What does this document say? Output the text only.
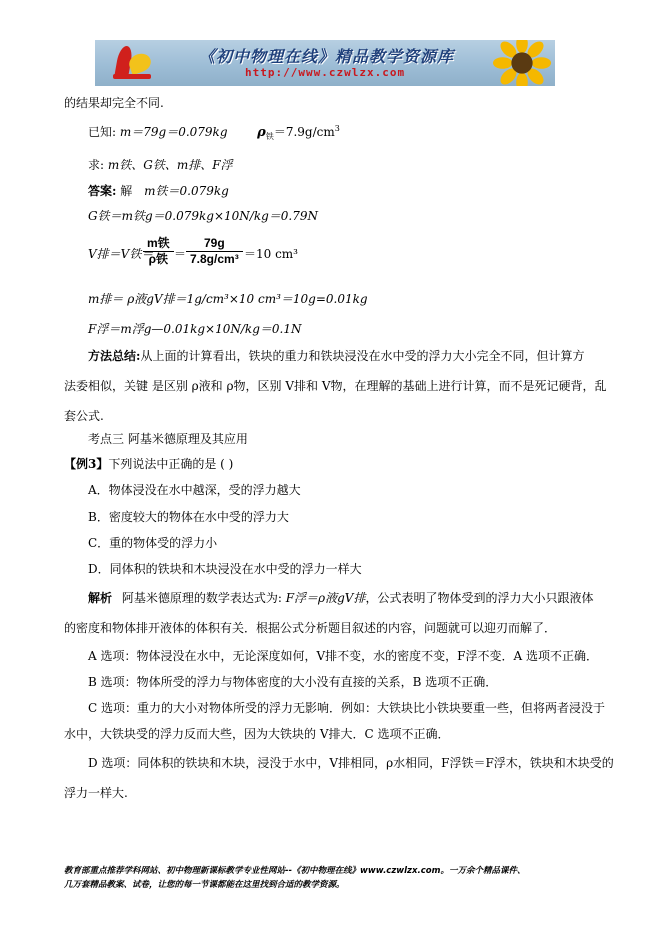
《初中物理在线》精品教学资源库
http://www.czwlzx.com
的结果却完全不同.
已知: m＝79g＝0.079kg $\rho_铁=7.9g/cm^3$
求: m铁、G铁、m排、F浮
答案: 解 m铁＝0.079kg
G铁＝m铁g＝0.079kg×10N/kg＝0.79N
V排＝V铁＝
m铁
ρ铁 ＝
79g
7.8g/cm³ ＝10 cm³
m排＝ ρ液gV排＝1g/cm³×10 cm³＝10g=0.01kg
F浮＝m浮g—0.01kg×10N/kg＝0.1N
方法总结:从上面的计算看出，铁块的重力和铁块浸没在水中受的浮力大小完全不同，但计算方
法委相似，关键 是区别 ρ液和 ρ物，区别 V排和 V物，在理解的基础上进行计算，而不是死记硬背，乱
套公式.
考点三 阿基米德原理及其应用
【例3】下列说法中正确的是 ( )
A．物体浸没在水中越深，受的浮力越大
B．密度较大的物体在水中受的浮力大
C．重的物体受的浮力小
D．同体积的铁块和木块浸没在水中受的浮力一样大
解析 阿基米德原理的数学表达式为: F浮＝ρ液gV排，公式表明了物体受到的浮力大小只跟液体
的密度和物体排开液体的体积有关．根据公式分析题目叙述的内容，问题就可以迎刃而解了．
A 选项：物体浸没在水中，无论深度如何，V排不变，水的密度不变，F浮不变．A 选项不正确．
B 选项：物体所受的浮力与物体密度的大小没有直接的关系，B 选项不正确．
C 选项：重力的大小对物体所受的浮力无影响．例如：大铁块比小铁块要重一些，但将两者浸没于
水中，大铁块受的浮力反而大些，因为大铁块的 V排大．C 选项不正确．
D 选项：同体积的铁块和木块，浸没于水中，V排相同，ρ水相同，F浮铁＝F浮木，铁块和木块受的
浮力一样大.
教育部重点推荐学科网站、初中物理新课标教学专业性网站--《初中物理在线》www.czwlzx.com。一万余个精品课件、
几万套精品教案、试卷，让您的每一节课都能在这里找到合适的教学资源。
